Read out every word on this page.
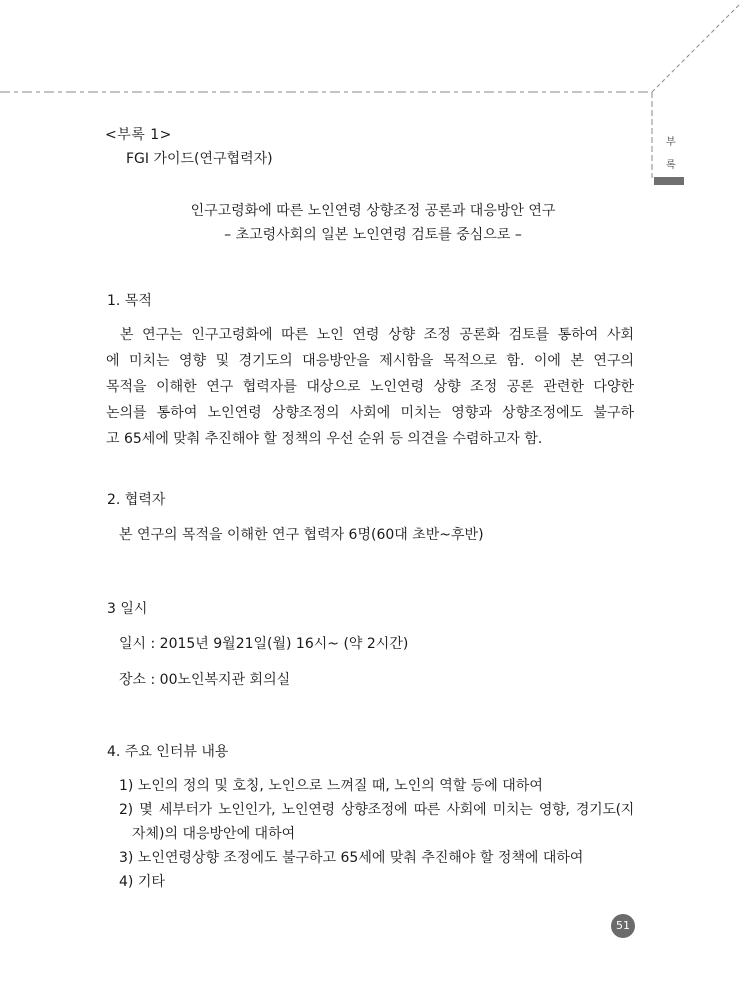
부
록
<부록 1>
FGI 가이드(연구협력자)
인구고령화에 따른 노인연령 상향조정 공론과 대응방안 연구
– 초고령사회의 일본 노인연령 검토를 중심으로 –
1. 목적
본 연구는 인구고령화에 따른 노인 연령 상향 조정 공론화 검토를 통하여 사회
에 미치는 영향 및 경기도의 대응방안을 제시함을 목적으로 함. 이에 본 연구의
목적을 이해한 연구 협력자를 대상으로 노인연령 상향 조정 공론 관련한 다양한
논의를 통하여 노인연령 상향조정의 사회에 미치는 영향과 상향조정에도 불구하
고 65세에 맞춰 추진해야 할 정책의 우선 순위 등 의견을 수렴하고자 함.
2. 협력자
본 연구의 목적을 이해한 연구 협력자 6명(60대 초반~후반)
3 일시
일시 : 2015년 9월21일(월) 16시~ (약 2시간)
장소 : 00노인복지관 회의실
4. 주요 인터뷰 내용
1) 노인의 정의 및 호칭, 노인으로 느껴질 때, 노인의 역할 등에 대하여
2) 몇 세부터가 노인인가, 노인연령 상향조정에 따른 사회에 미치는 영향, 경기도(지
자체)의 대응방안에 대하여
3) 노인연령상향 조정에도 불구하고 65세에 맞춰 추진해야 할 정책에 대하여
4) 기타
51
